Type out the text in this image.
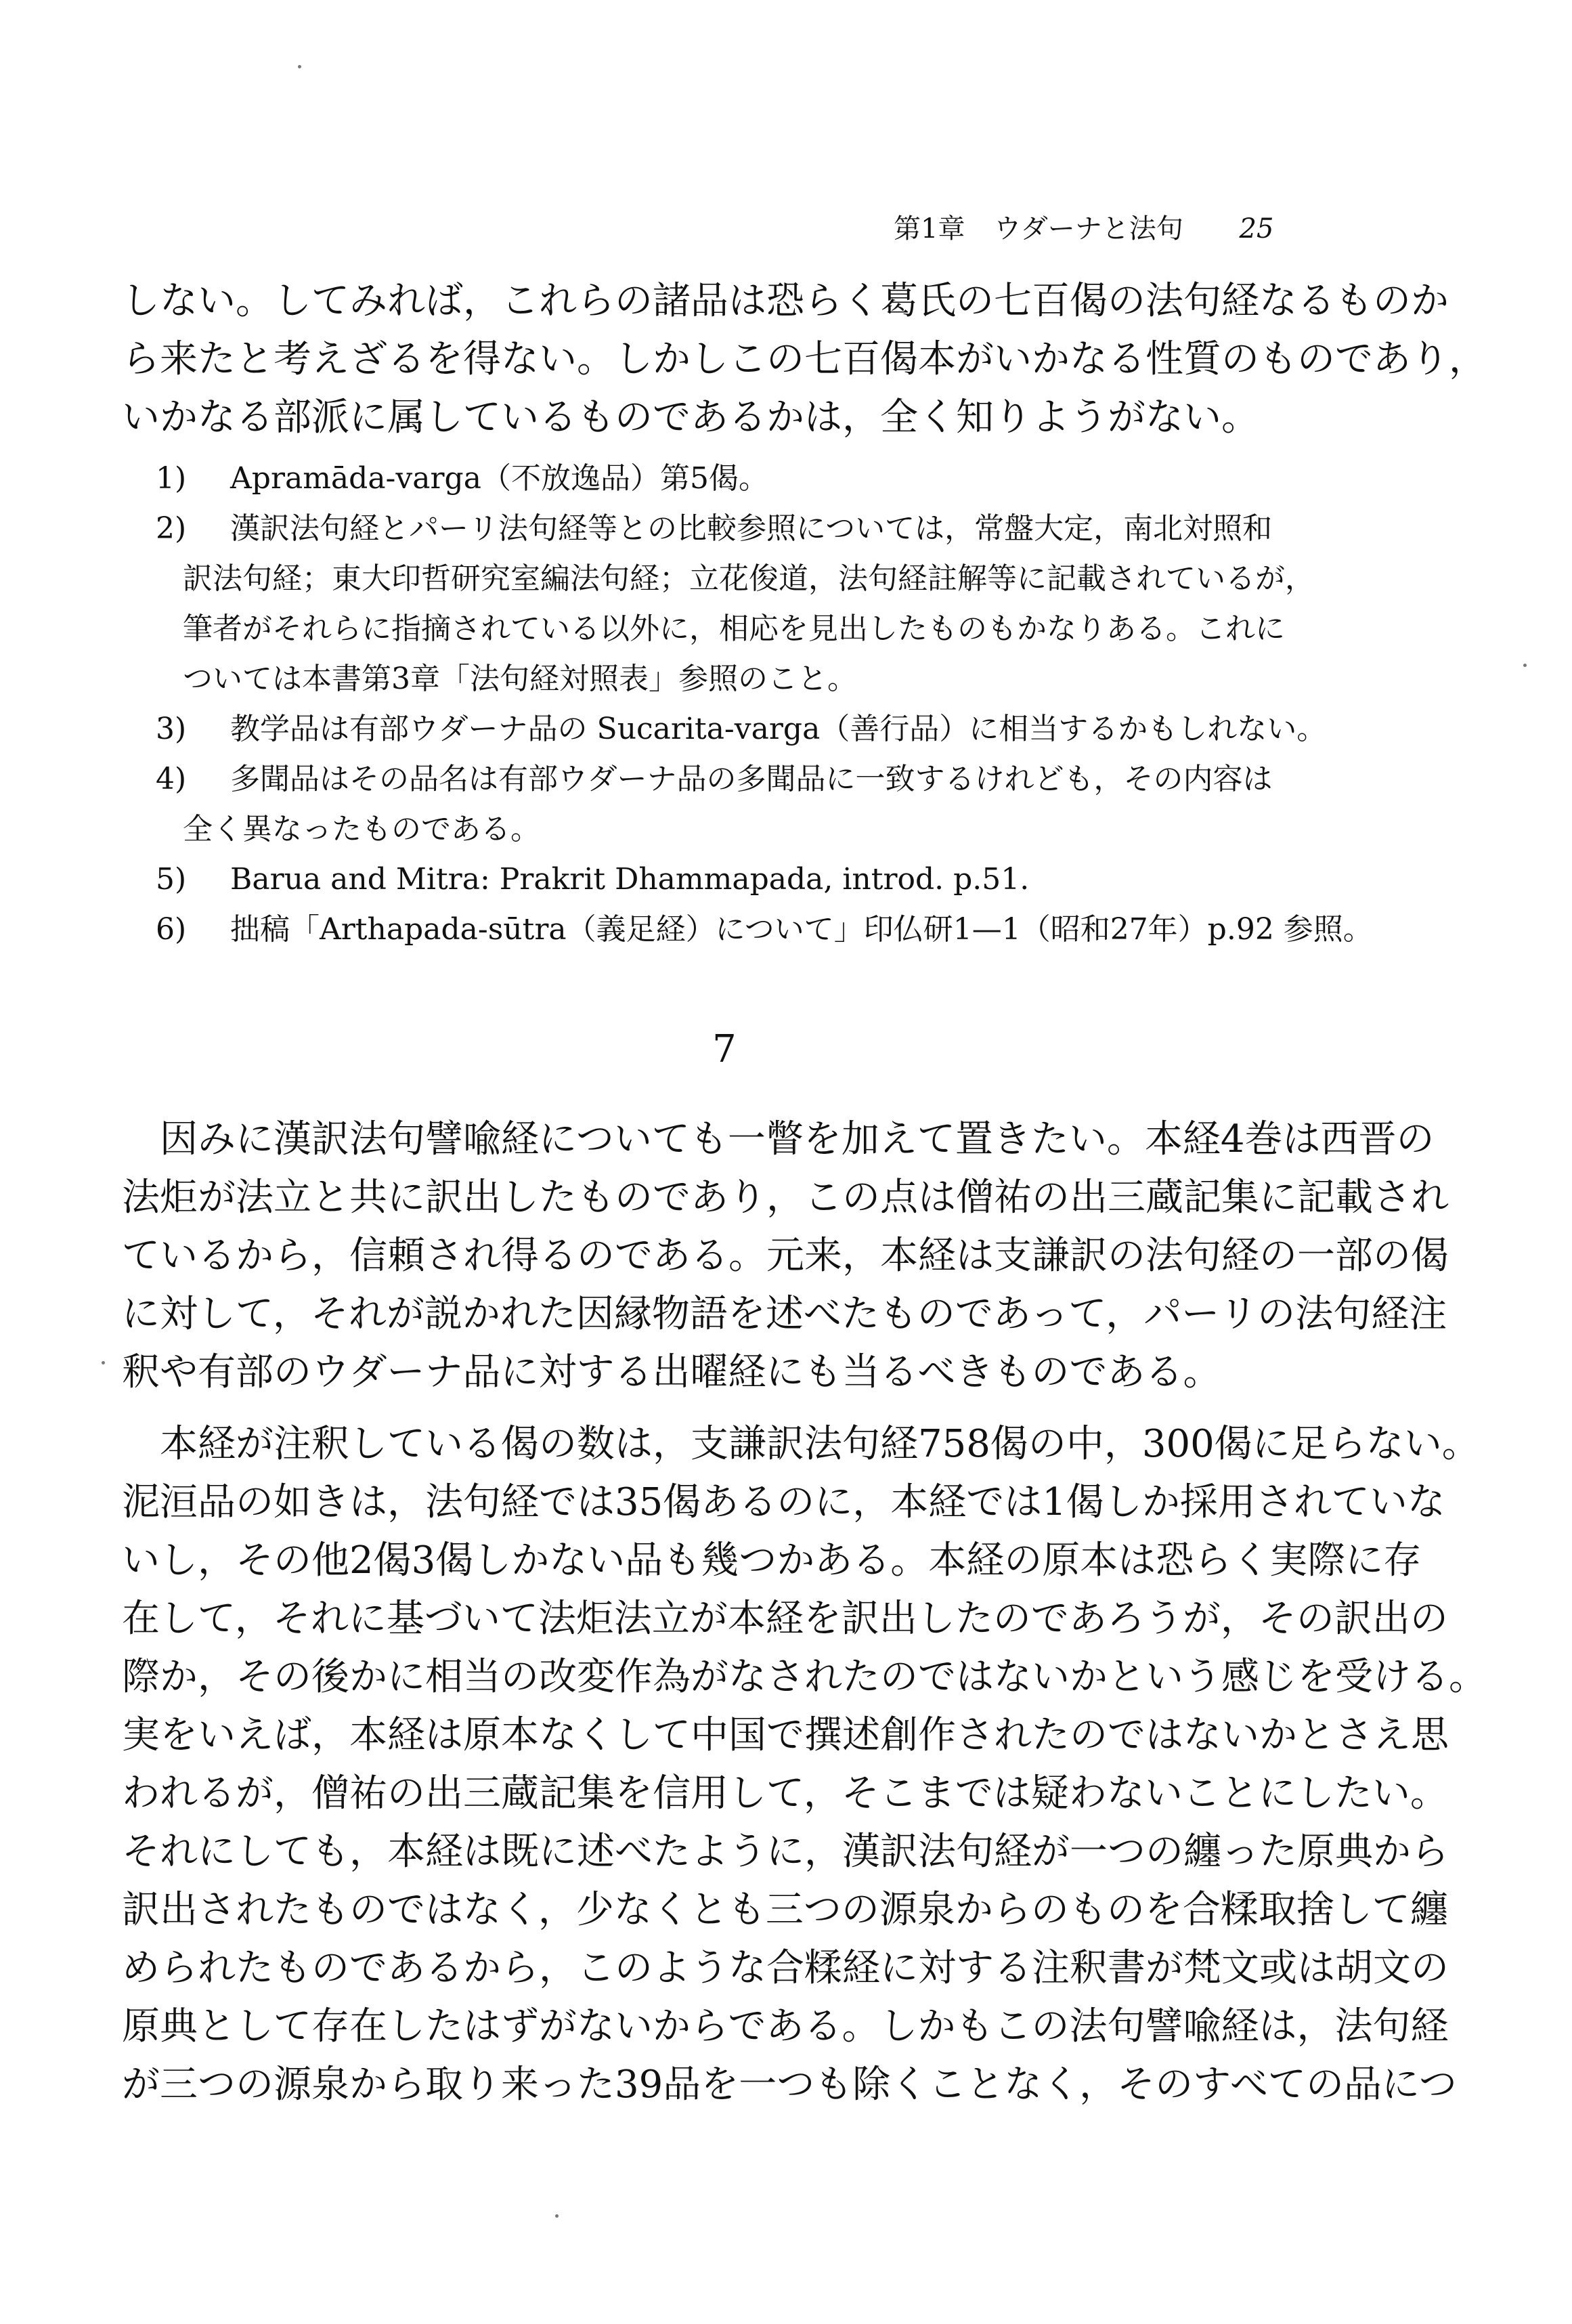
第1章 ウダーナと法句 25
しない。してみれば，これらの諸品は恐らく葛氏の七百偈の法句経なるものか
ら来たと考えざるを得ない。しかしこの七百偈本がいかなる性質のものであり，
いかなる部派に属しているものであるかは，全く知りようがない。
1) Apramāda-varga（不放逸品）第5偈。
2) 漢訳法句経とパーリ法句経等との比較参照については，常盤大定，南北対照和
訳法句経；東大印哲研究室編法句経；立花俊道，法句経註解等に記載されているが，
筆者がそれらに指摘されている以外に，相応を見出したものもかなりある。これに
ついては本書第3章「法句経対照表」参照のこと。
3) 教学品は有部ウダーナ品の Sucarita-varga（善行品）に相当するかもしれない。
4) 多聞品はその品名は有部ウダーナ品の多聞品に一致するけれども，その内容は
全く異なったものである。
5) Barua and Mitra: Prakrit Dhammapada, introd. p.51.
6) 拙稿「Arthapada-sūtra（義足経）について」印仏研1—1（昭和27年）p.92 参照。
7
因みに漢訳法句譬喩経についても一瞥を加えて置きたい。本経4巻は西晋の
法炬が法立と共に訳出したものであり，この点は僧祐の出三蔵記集に記載され
ているから，信頼され得るのである。元来，本経は支謙訳の法句経の一部の偈
に対して，それが説かれた因縁物語を述べたものであって，パーリの法句経注
釈や有部のウダーナ品に対する出曜経にも当るべきものである。
本経が注釈している偈の数は，支謙訳法句経758偈の中，300偈に足らない。
泥洹品の如きは，法句経では35偈あるのに，本経では1偈しか採用されていな
いし，その他2偈3偈しかない品も幾つかある。本経の原本は恐らく実際に存
在して，それに基づいて法炬法立が本経を訳出したのであろうが，その訳出の
際か，その後かに相当の改変作為がなされたのではないかという感じを受ける。
実をいえば，本経は原本なくして中国で撰述創作されたのではないかとさえ思
われるが，僧祐の出三蔵記集を信用して，そこまでは疑わないことにしたい。
それにしても，本経は既に述べたように，漢訳法句経が一つの纏った原典から
訳出されたものではなく，少なくとも三つの源泉からのものを合糅取捨して纏
められたものであるから，このような合糅経に対する注釈書が梵文或は胡文の
原典として存在したはずがないからである。しかもこの法句譬喩経は，法句経
が三つの源泉から取り来った39品を一つも除くことなく，そのすべての品につ
